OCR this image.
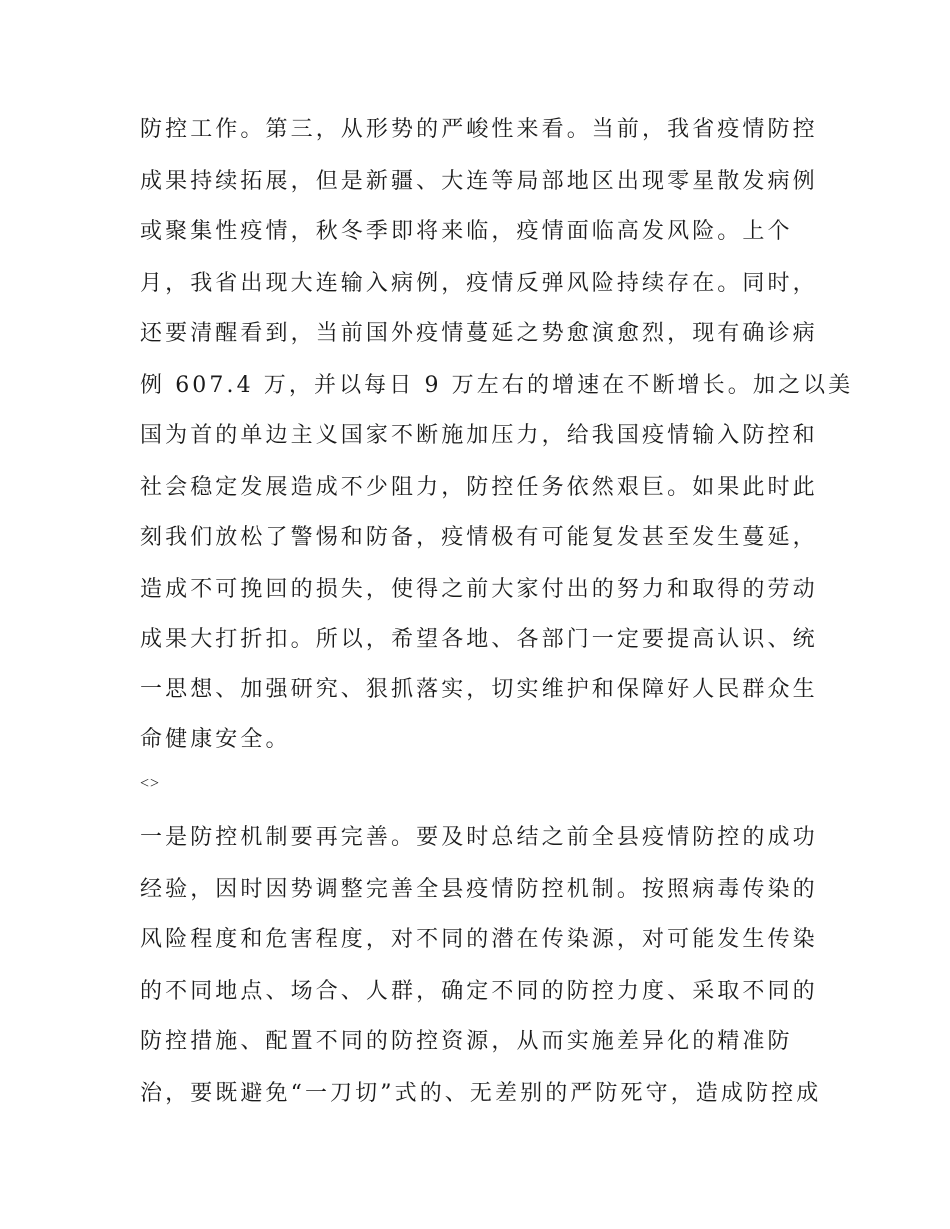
防控工作。第三，从形势的严峻性来看。当前，我省疫情防控
成果持续拓展，但是新疆、大连等局部地区出现零星散发病例
或聚集性疫情，秋冬季即将来临，疫情面临高发风险。上个
月，我省出现大连输入病例，疫情反弹风险持续存在。同时，
还要清醒看到，当前国外疫情蔓延之势愈演愈烈，现有确诊病
例 607.4 万，并以每日 9 万左右的增速在不断增长。加之以美
国为首的单边主义国家不断施加压力，给我国疫情输入防控和
社会稳定发展造成不少阻力，防控任务依然艰巨。如果此时此
刻我们放松了警惕和防备，疫情极有可能复发甚至发生蔓延，
造成不可挽回的损失，使得之前大家付出的努力和取得的劳动
成果大打折扣。所以，希望各地、各部门一定要提高认识、统
一思想、加强研究、狠抓落实，切实维护和保障好人民群众生
命健康安全。
<>
一是防控机制要再完善。要及时总结之前全县疫情防控的成功
经验，因时因势调整完善全县疫情防控机制。按照病毒传染的
风险程度和危害程度，对不同的潜在传染源，对可能发生传染
的不同地点、场合、人群，确定不同的防控力度、采取不同的
防控措施、配置不同的防控资源，从而实施差异化的精准防
治，要既避免“一刀切”式的、无差别的严防死守，造成防控成
